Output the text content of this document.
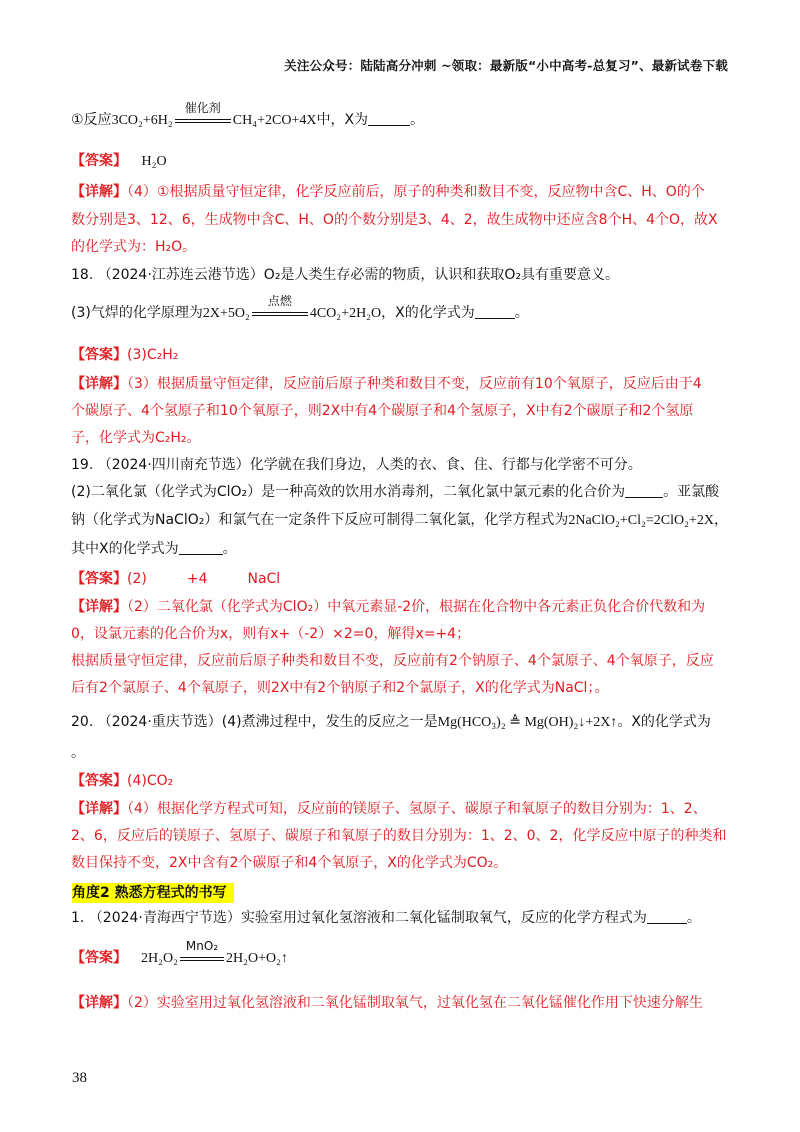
关注公众号：陆陆高分冲刺 ~领取：最新版“小中高考-总复习”、最新试卷下载
①反应3CO₂+6H₂
催化剂
CH₄+2CO+4X中，X为	。
【答案】 H₂O
【详解】（4）①根据质量守恒定律，化学反应前后，原子的种类和数目不变，反应物中含C、H、O的个
数分别是3、12、6，生成物中含C、H、O的个数分别是3、4、2，故生成物中还应含8个H、4个O，故X
的化学式为：H₂O。
18. （2024·江苏连云港节选）O₂是人类生存必需的物质，认识和获取O₂具有重要意义。
(3)气焊的化学原理为2X+5O₂
点燃
4CO₂+2H₂O，X的化学式为	。
【答案】(3)C₂H₂
【详解】（3）根据质量守恒定律，反应前后原子种类和数目不变，反应前有10个氧原子，反应后由于4
个碳原子、4个氢原子和10个氧原子，则2X中有4个碳原子和4个氢原子，X中有2个碳原子和2个氢原
子，化学式为C₂H₂。
19. （2024·四川南充节选）化学就在我们身边，人类的衣、食、住、行都与化学密不可分。
(2)二氧化氯（化学式为ClO₂）是一种高效的饮用水消毒剂，二氧化氯中氯元素的化合价为	。亚氯酸
钠（化学式为NaClO₂）和氯气在一定条件下反应可制得二氧化氯，化学方程式为2NaClO₂+Cl₂=2ClO₂+2X，
其中X的化学式为	。
【答案】(2)	+4	NaCl
【详解】（2）二氧化氯（化学式为ClO₂）中氧元素显-2价，根据在化合物中各元素正负化合价代数和为
0，设氯元素的化合价为x，则有x+（-2）×2=0，解得x=+4；
根据质量守恒定律，反应前后原子种类和数目不变，反应前有2个钠原子、4个氯原子、4个氧原子，反应
后有2个氯原子、4个氧原子，则2X中有2个钠原子和2个氯原子，X的化学式为NaCl；。
20. （2024·重庆节选）(4)煮沸过程中，发生的反应之一是Mg(HCO₃)₂ ≜ Mg(OH)₂↓+2X↑。X的化学式为
。
【答案】(4)CO₂
【详解】（4）根据化学方程式可知，反应前的镁原子、氢原子、碳原子和氧原子的数目分别为：1、2、
2、6，反应后的镁原子、氢原子、碳原子和氧原子的数目分别为：1、2、0、2，化学反应中原子的种类和
数目保持不变，2X中含有2个碳原子和4个氧原子，X的化学式为CO₂。
角度2 熟悉方程式的书写
1. （2024·青海西宁节选）实验室用过氧化氢溶液和二氧化锰制取氧气，反应的化学方程式为	。
【答案】 2H₂O₂
MnO₂
2H₂O+O₂↑
【详解】（2）实验室用过氧化氢溶液和二氧化锰制取氧气，过氧化氢在二氧化锰催化作用下快速分解生
38
